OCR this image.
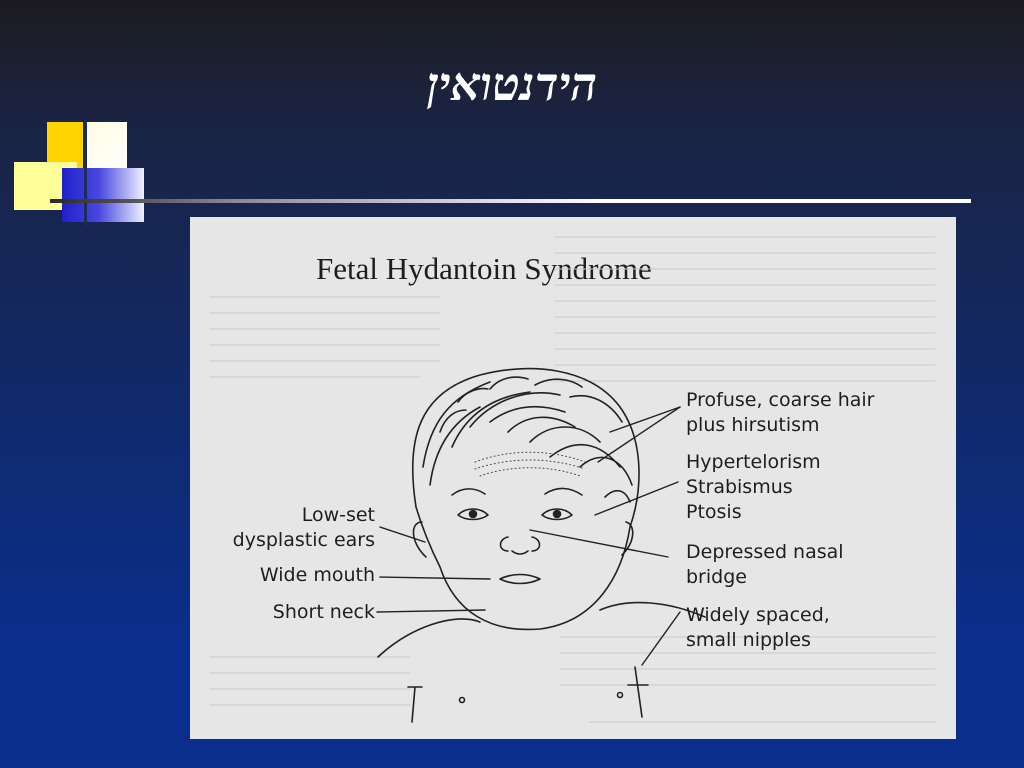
הידנטואין
Fetal Hydantoin Syndrome
Low-set
dysplastic ears
Wide mouth
Short neck
Profuse, coarse hair
plus hirsutism
Hypertelorism
Strabismus
Ptosis
Depressed nasal
bridge
Widely spaced,
small nipples
